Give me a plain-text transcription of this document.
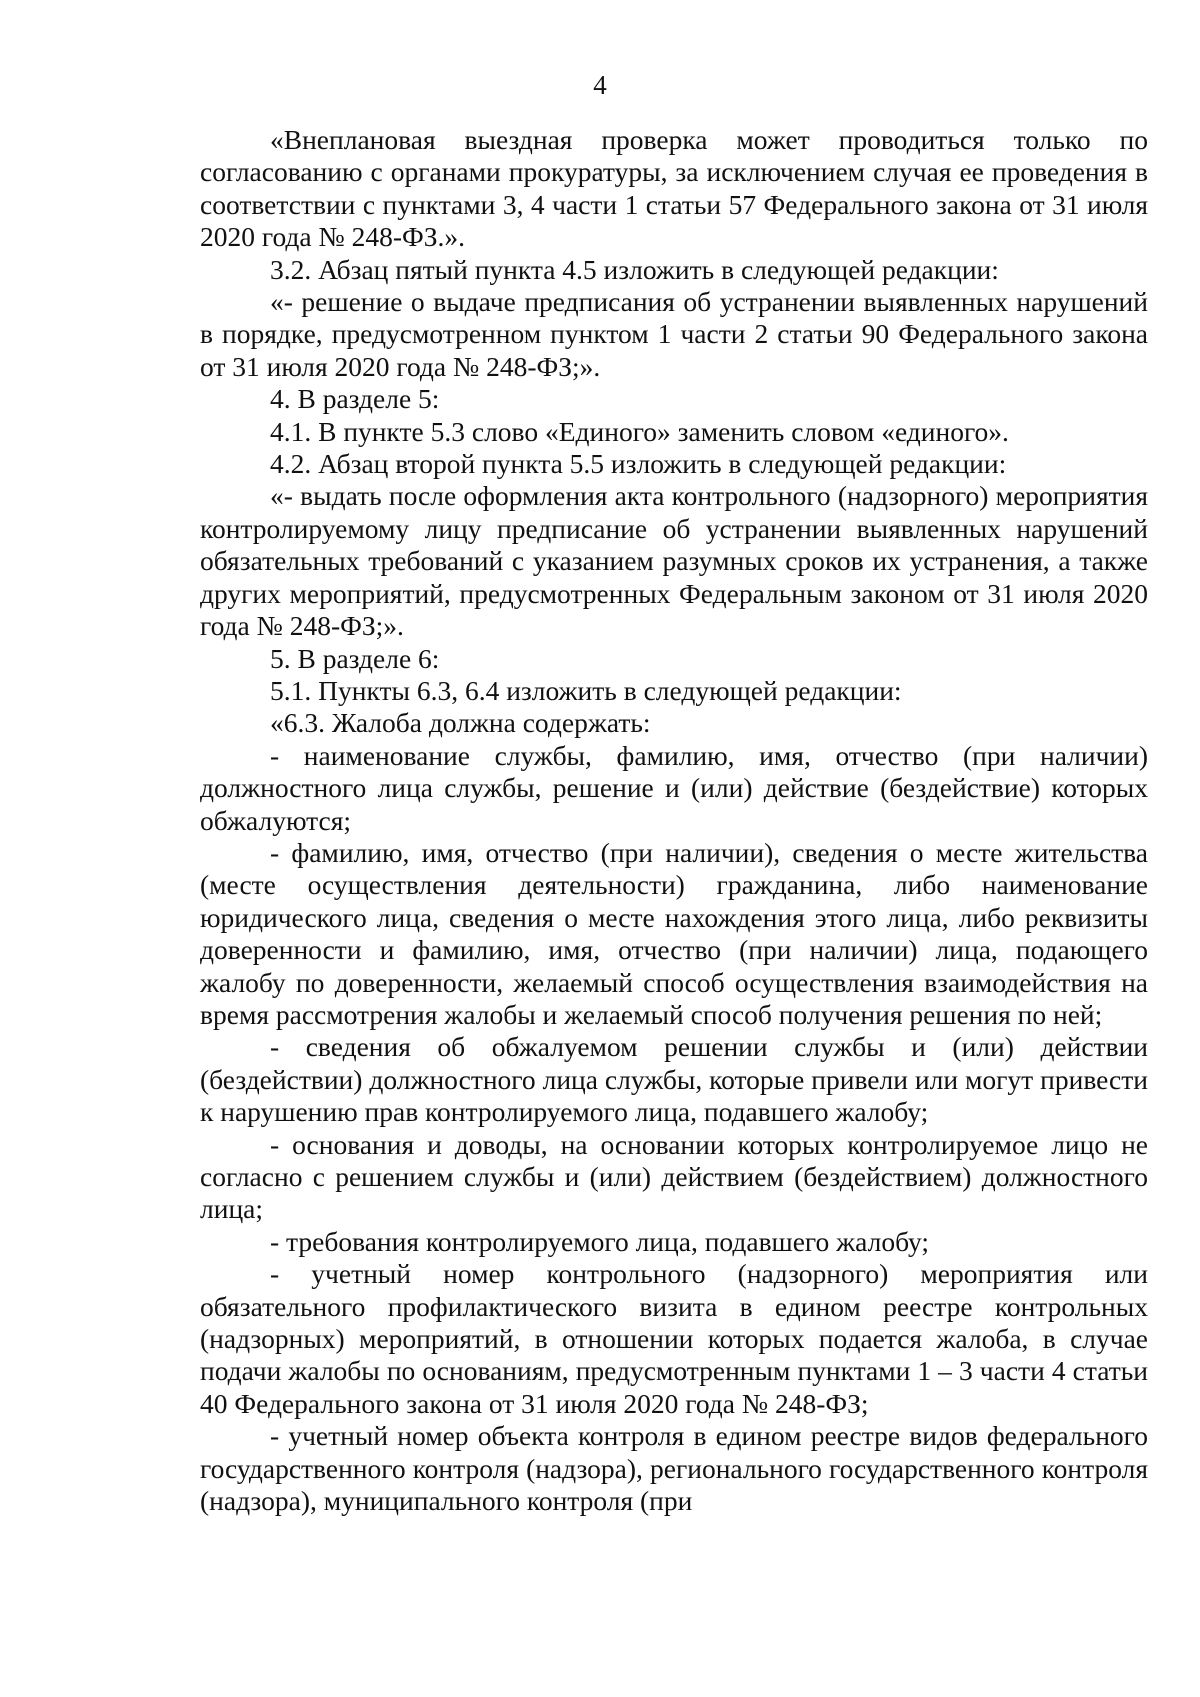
4

«Внеплановая выездная проверка может проводиться только по согласованию с органами прокуратуры, за исключением случая ее проведения в соответствии с пунктами 3, 4 части 1 статьи 57 Федерального закона от 31 июля 2020 года № 248-ФЗ.».

3.2. Абзац пятый пункта 4.5 изложить в следующей редакции:

«- решение о выдаче предписания об устранении выявленных нарушений в порядке, предусмотренном пунктом 1 части 2 статьи 90 Федерального закона от 31 июля 2020 года № 248-ФЗ;».

4. В разделе 5:

4.1. В пункте 5.3 слово «Единого» заменить словом «единого».

4.2. Абзац второй пункта 5.5 изложить в следующей редакции:

«- выдать после оформления акта контрольного (надзорного) мероприятия контролируемому лицу предписание об устранении выявленных нарушений обязательных требований с указанием разумных сроков их устранения, а также других мероприятий, предусмотренных Федеральным законом от 31 июля 2020 года № 248-ФЗ;».

5. В разделе 6:

5.1. Пункты 6.3, 6.4 изложить в следующей редакции:

«6.3. Жалоба должна содержать:

- наименование службы, фамилию, имя, отчество (при наличии) должностного лица службы, решение и (или) действие (бездействие) которых обжалуются;

- фамилию, имя, отчество (при наличии), сведения о месте жительства (месте осуществления деятельности) гражданина, либо наименование юридического лица, сведения о месте нахождения этого лица, либо реквизиты доверенности и фамилию, имя, отчество (при наличии) лица, подающего жалобу по доверенности, желаемый способ осуществления взаимодействия на время рассмотрения жалобы и желаемый способ получения решения по ней;

- сведения об обжалуемом решении службы и (или) действии (бездействии) должностного лица службы, которые привели или могут привести к нарушению прав контролируемого лица, подавшего жалобу;

- основания и доводы, на основании которых контролируемое лицо не согласно с решением службы и (или) действием (бездействием) должностного лица;

- требования контролируемого лица, подавшего жалобу;

- учетный номер контрольного (надзорного) мероприятия или обязательного профилактического визита в едином реестре контрольных (надзорных) мероприятий, в отношении которых подается жалоба, в случае подачи жалобы по основаниям, предусмотренным пунктами 1 – 3 части 4 статьи 40 Федерального закона от 31 июля 2020 года № 248-ФЗ;

- учетный номер объекта контроля в едином реестре видов федерального государственного контроля (надзора), регионального государственного контроля (надзора), муниципального контроля (при
